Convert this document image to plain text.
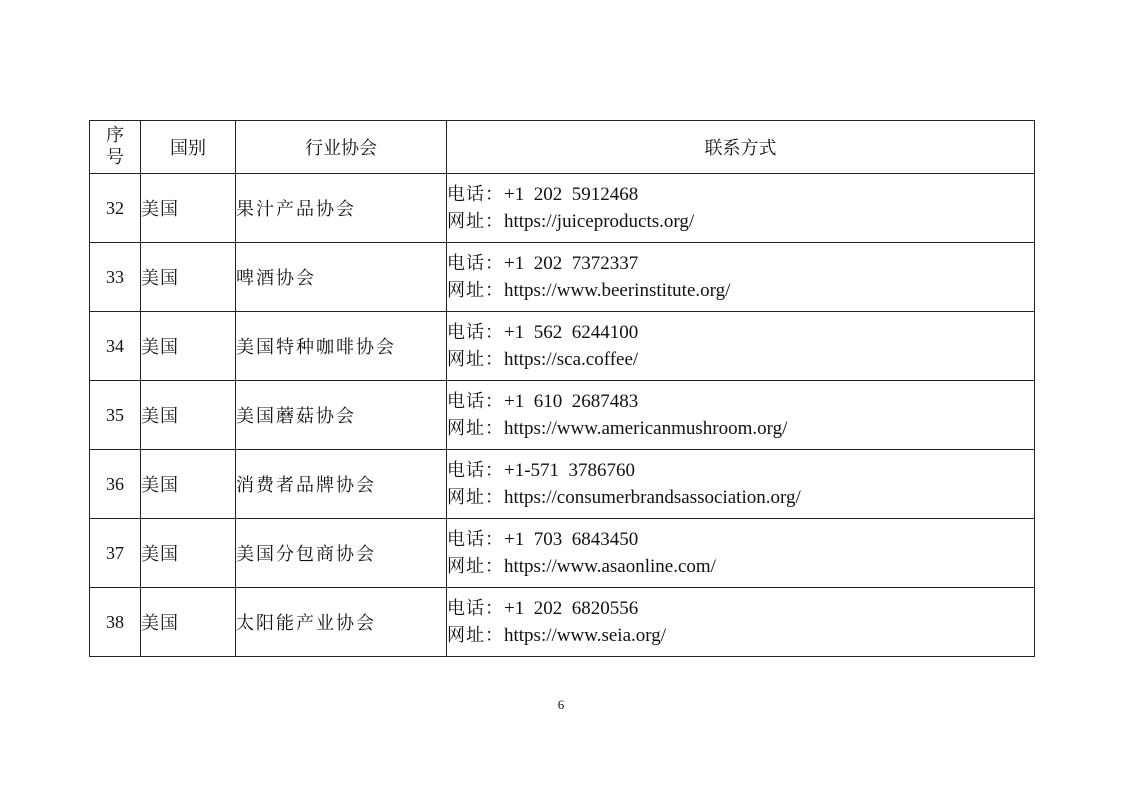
序号	国别	行业协会	联系方式
32	美国	果汁产品协会	电话：+1  202  5912468
网址：https://juiceproducts.org/

33	美国	啤酒协会	电话：+1  202  7372337
网址：https://www.beerinstitute.org/

34	美国	美国特种咖啡协会	电话：+1  562  6244100
网址：https://sca.coffee/

35	美国	美国蘑菇协会	电话：+1  610  2687483
网址：https://www.americanmushroom.org/

36	美国	消费者品牌协会	电话：+1-571  3786760
网址：https://consumerbrandsassociation.org/

37	美国	美国分包商协会	电话：+1  703  6843450
网址：https://www.asaonline.com/

38	美国	太阳能产业协会	电话：+1  202  6820556
网址：https://www.seia.org/
6
